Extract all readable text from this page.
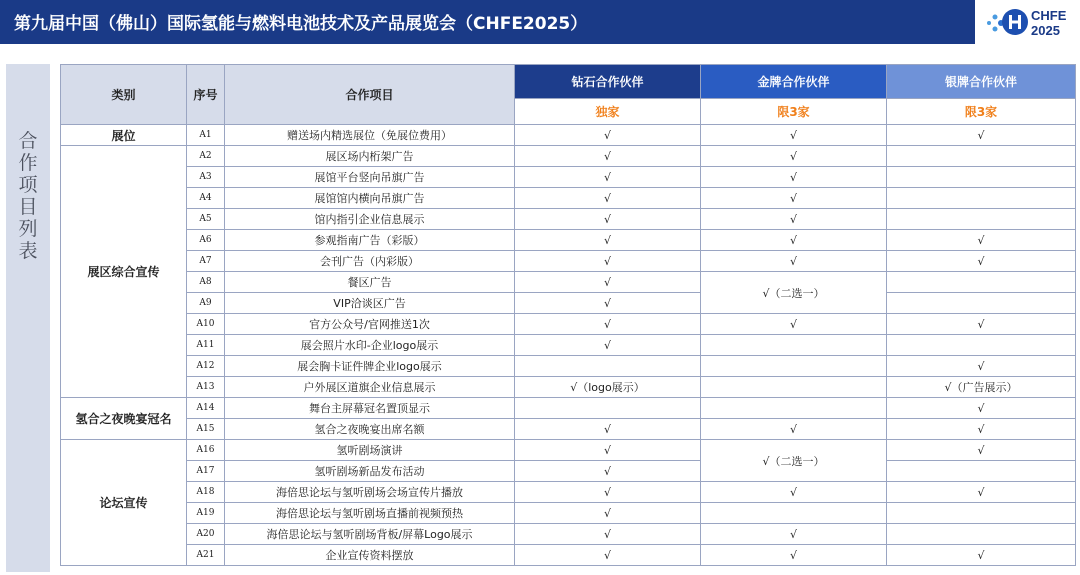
第九届中国（佛山）国际氢能与燃料电池技术及产品展览会（CHFE2025）	CHFE
2025
合
作
项
目
列
表
类别	序号	合作项目	钻石合作伙伴	金牌合作伙伴	银牌合作伙伴
			独家	限3家	限3家
展位	A1	赠送场内精选展位（免展位费用）	√	√	√
展区综合宣传	A2	展区场内桁架广告	√	√	
	A3	展馆平台竖向吊旗广告	√	√	
	A4	展馆馆内横向吊旗广告	√	√	
	A5	馆内指引企业信息展示	√	√	
	A6	参观指南广告（彩版）	√	√	√
	A7	会刊广告（内彩版）	√	√	√
	A8	餐区广告	√	√（二选一）	
	A9	VIP洽谈区广告	√		
	A10	官方公众号/官网推送1次	√	√	√
	A11	展会照片水印-企业logo展示	√		
	A12	展会胸卡证件牌企业logo展示			√
	A13	户外展区道旗企业信息展示	√（logo展示）		√（广告展示）
氢合之夜晚宴冠名	A14	舞台主屏幕冠名置顶显示			√
	A15	氢合之夜晚宴出席名额	√	√	√
论坛宣传	A16	氢听剧场演讲	√	√（二选一）	√
	A17	氢听剧场新品发布活动	√		
	A18	海倍思论坛与氢听剧场会场宣传片播放	√	√	√
	A19	海倍思论坛与氢听剧场直播前视频预热	√		
	A20	海倍思论坛与氢听剧场背板/屏幕Logo展示	√	√	
	A21	企业宣传资料摆放	√	√	√
